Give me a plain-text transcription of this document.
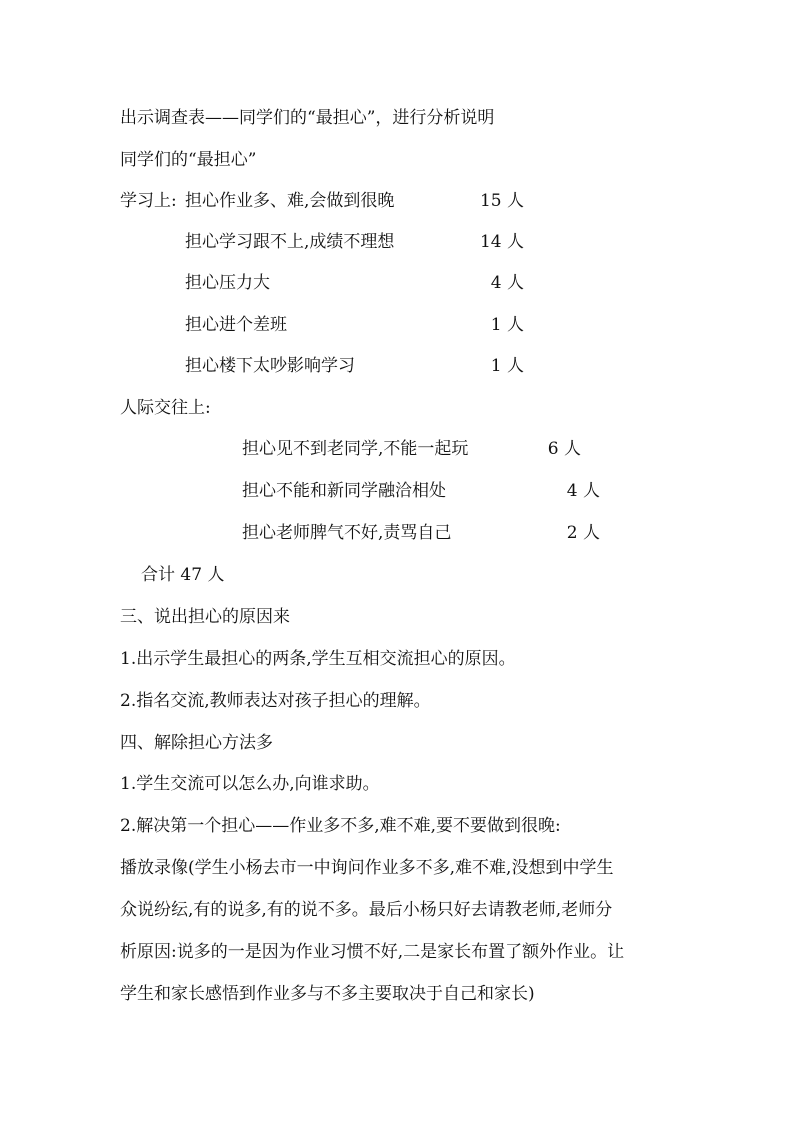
出示调查表——同学们的“最担心”，进行分析说明
同学们的“最担心”
学习上: 担心作业多、难,会做到很晚	15 人
担心学习跟不上,成绩不理想	14 人
担心压力大	4 人
担心进个差班	1 人
担心楼下太吵影响学习	1 人
人际交往上:
担心见不到老同学,不能一起玩	6 人
担心不能和新同学融洽相处	4 人
担心老师脾气不好,责骂自己	2 人
合计 47 人
三、说出担心的原因来
1.出示学生最担心的两条,学生互相交流担心的原因。
2.指名交流,教师表达对孩子担心的理解。
四、解除担心方法多
1.学生交流可以怎么办,向谁求助。
2.解决第一个担心——作业多不多,难不难,要不要做到很晚:
播放录像(学生小杨去市一中询问作业多不多,难不难,没想到中学生
众说纷纭,有的说多,有的说不多。最后小杨只好去请教老师,老师分
析原因:说多的一是因为作业习惯不好,二是家长布置了额外作业。让
学生和家长感悟到作业多与不多主要取决于自己和家长)
